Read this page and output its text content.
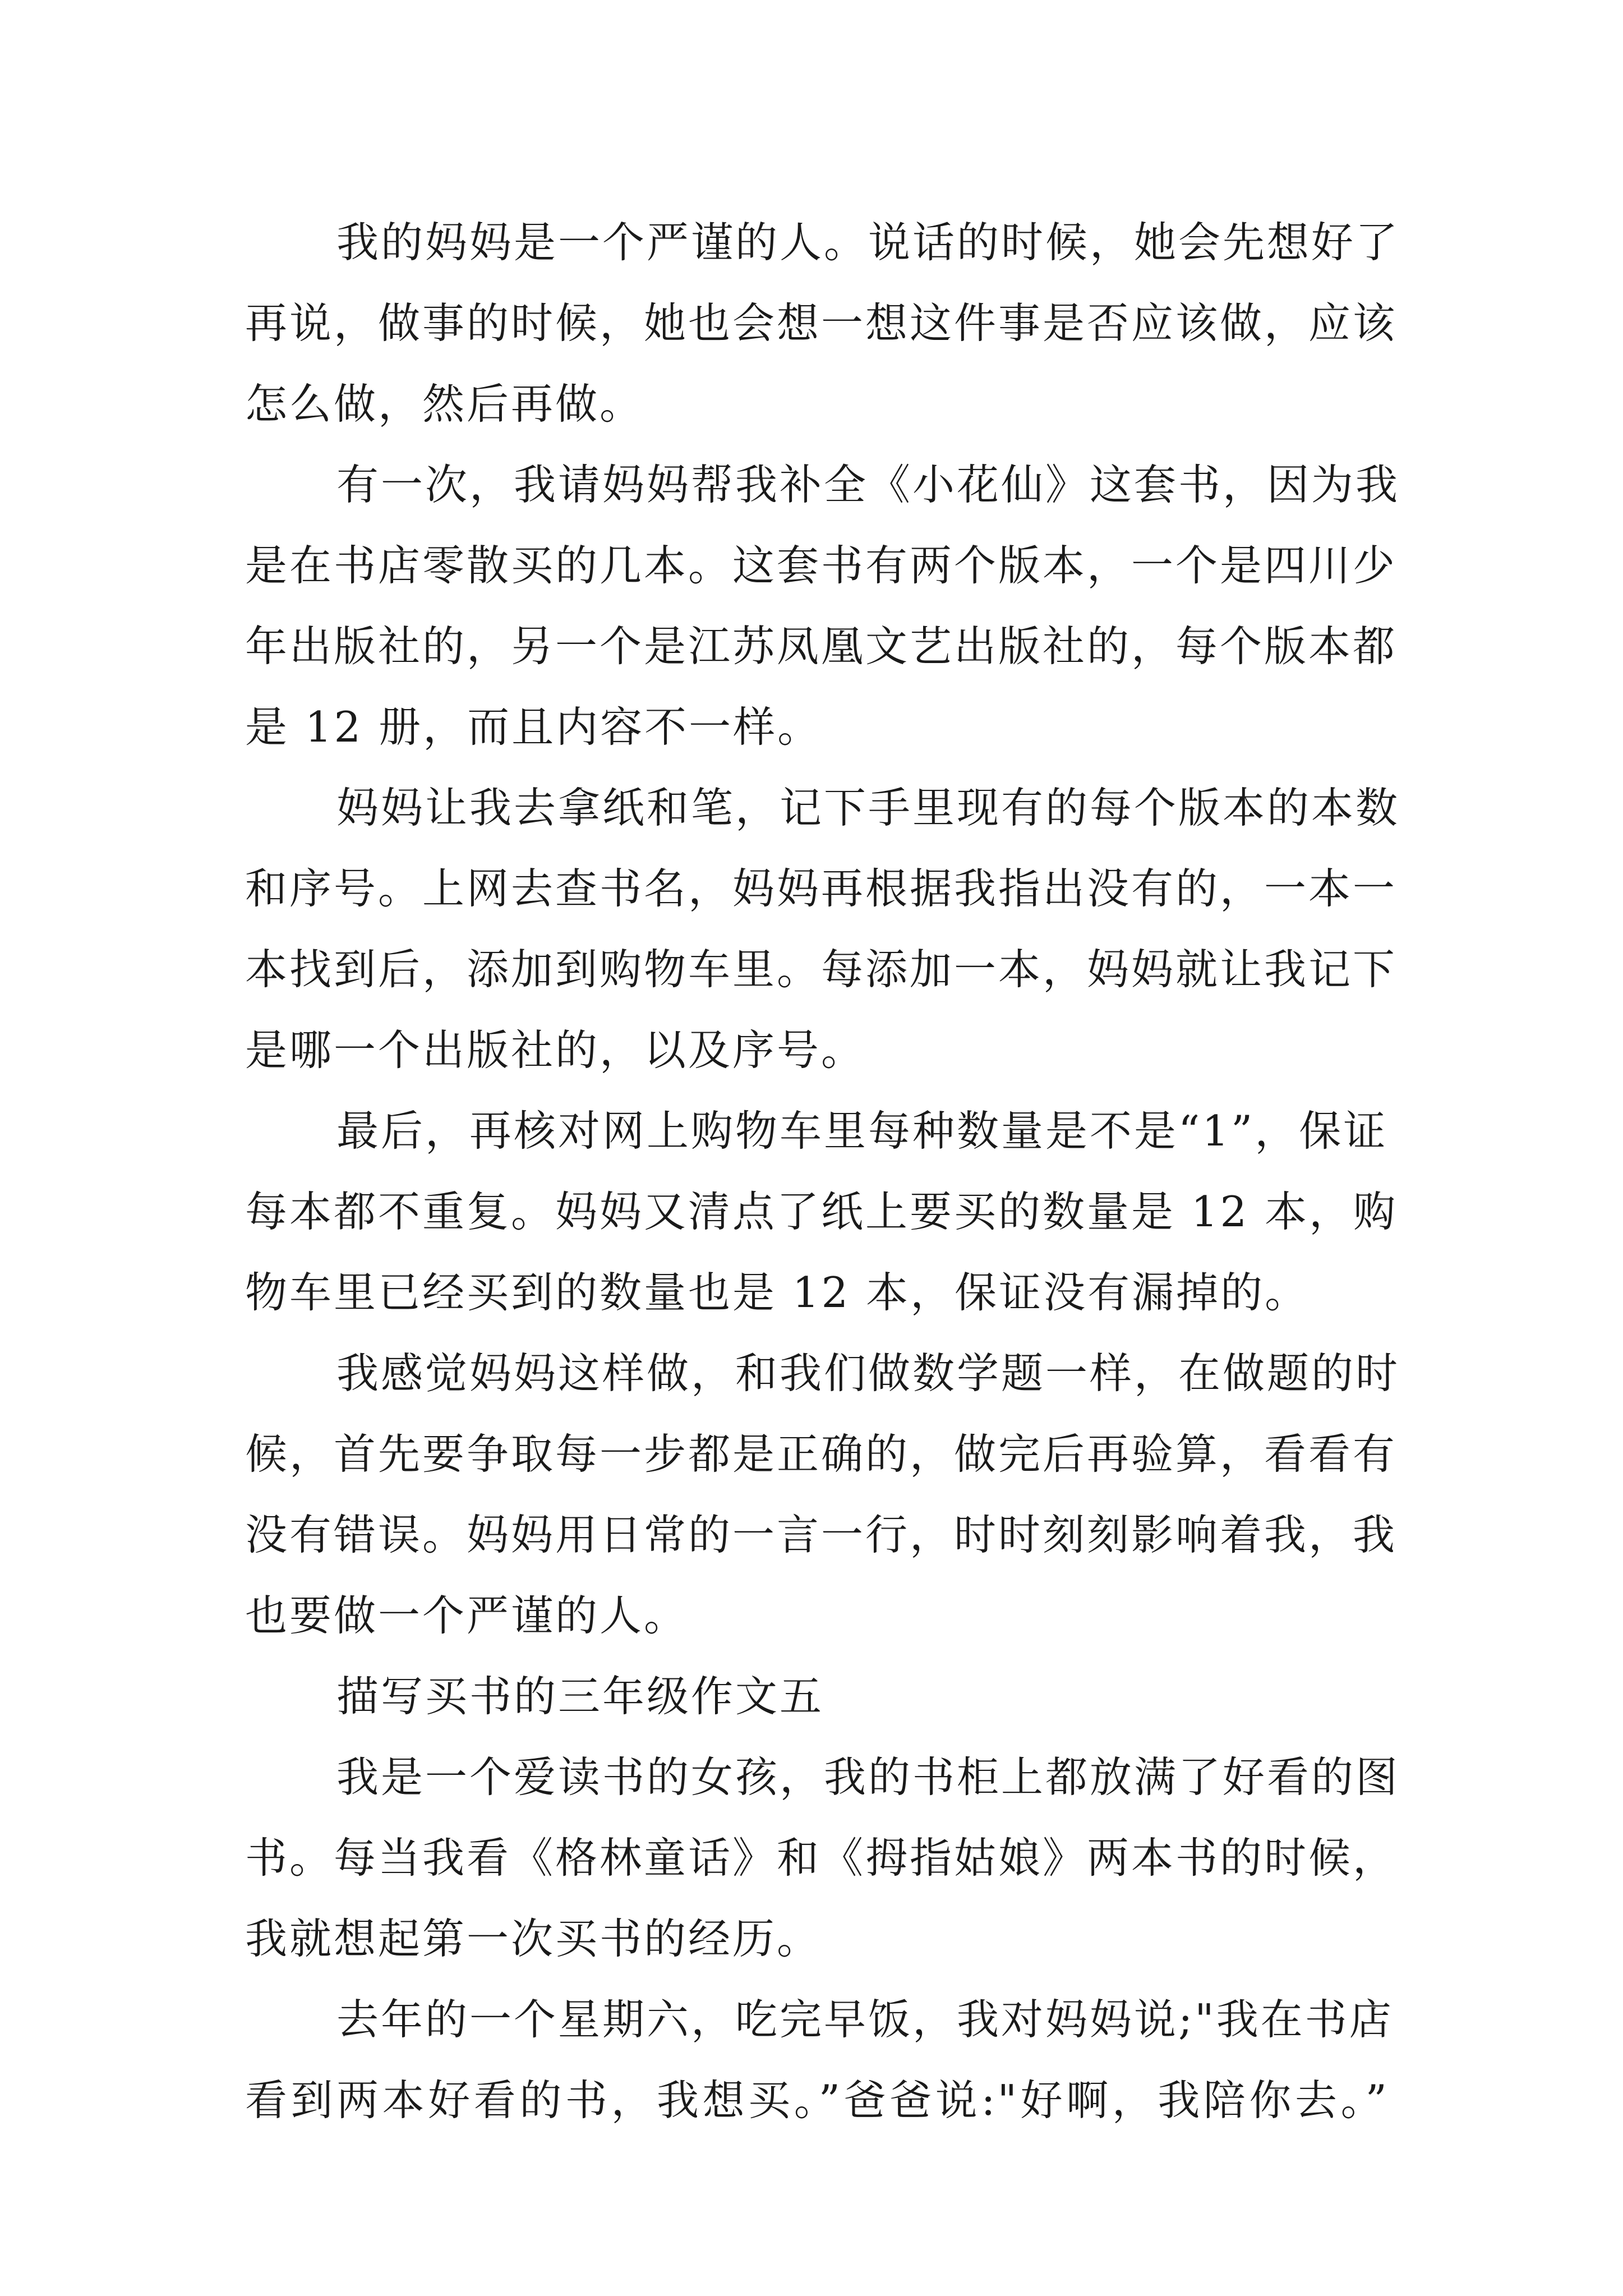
我的妈妈是一个严谨的人。说话的时候，她会先想好了
再说，做事的时候，她也会想一想这件事是否应该做，应该
怎么做，然后再做。
有一次，我请妈妈帮我补全《小花仙》这套书，因为我
是在书店零散买的几本。这套书有两个版本，一个是四川少
年出版社的，另一个是江苏凤凰文艺出版社的，每个版本都
是 12 册，而且内容不一样。
妈妈让我去拿纸和笔，记下手里现有的每个版本的本数
和序号。上网去查书名，妈妈再根据我指出没有的，一本一
本找到后，添加到购物车里。每添加一本，妈妈就让我记下
是哪一个出版社的，以及序号。
最后，再核对网上购物车里每种数量是不是“1”，保证
每本都不重复。妈妈又清点了纸上要买的数量是 12 本，购
物车里已经买到的数量也是 12 本，保证没有漏掉的。
我感觉妈妈这样做，和我们做数学题一样，在做题的时
候，首先要争取每一步都是正确的，做完后再验算，看看有
没有错误。妈妈用日常的一言一行，时时刻刻影响着我，我
也要做一个严谨的人。
描写买书的三年级作文五
我是一个爱读书的女孩，我的书柜上都放满了好看的图
书。每当我看《格林童话》和《拇指姑娘》两本书的时候，
我就想起第一次买书的经历。
去年的一个星期六，吃完早饭，我对妈妈说;"我在书店
看到两本好看的书，我想买。”爸爸说:"好啊，我陪你去。”
